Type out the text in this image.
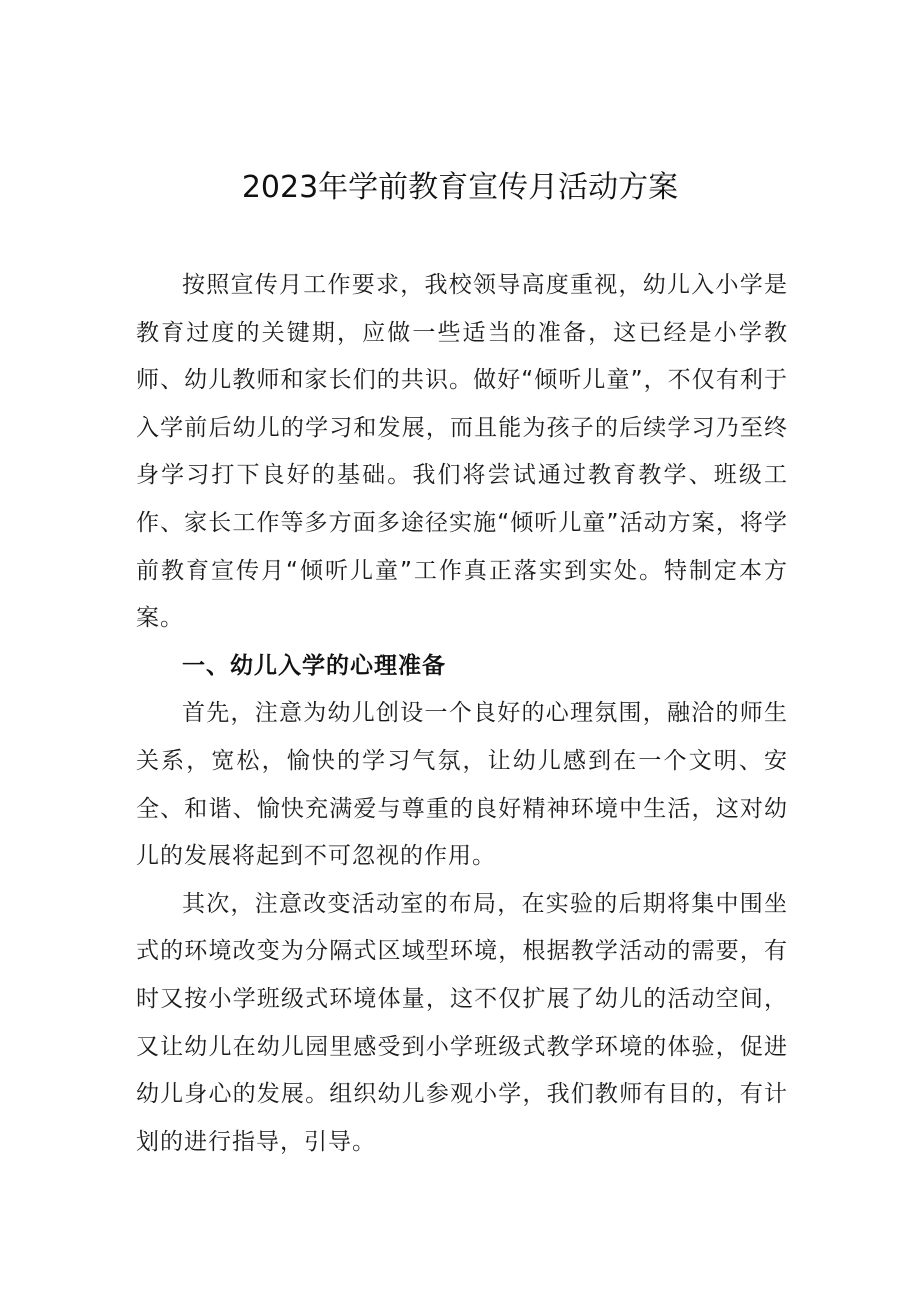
2023年学前教育宣传月活动方案

按照宣传月工作要求，我校领导高度重视，幼儿入小学是教育过度的关键期，应做一些适当的准备，这已经是小学教师、幼儿教师和家长们的共识。做好“倾听儿童”，不仅有利于入学前后幼儿的学习和发展，而且能为孩子的后续学习乃至终身学习打下良好的基础。我们将尝试通过教育教学、班级工作、家长工作等多方面多途径实施“倾听儿童”活动方案，将学前教育宣传月“倾听儿童”工作真正落实到实处。特制定本方案。

一、幼儿入学的心理准备

首先，注意为幼儿创设一个良好的心理氛围，融洽的师生关系，宽松，愉快的学习气氛，让幼儿感到在一个文明、安全、和谐、愉快充满爱与尊重的良好精神环境中生活，这对幼儿的发展将起到不可忽视的作用。

其次，注意改变活动室的布局，在实验的后期将集中围坐式的环境改变为分隔式区域型环境，根据教学活动的需要，有时又按小学班级式环境体量，这不仅扩展了幼儿的活动空间，又让幼儿在幼儿园里感受到小学班级式教学环境的体验，促进幼儿身心的发展。组织幼儿参观小学，我们教师有目的，有计划的进行指导，引导。
